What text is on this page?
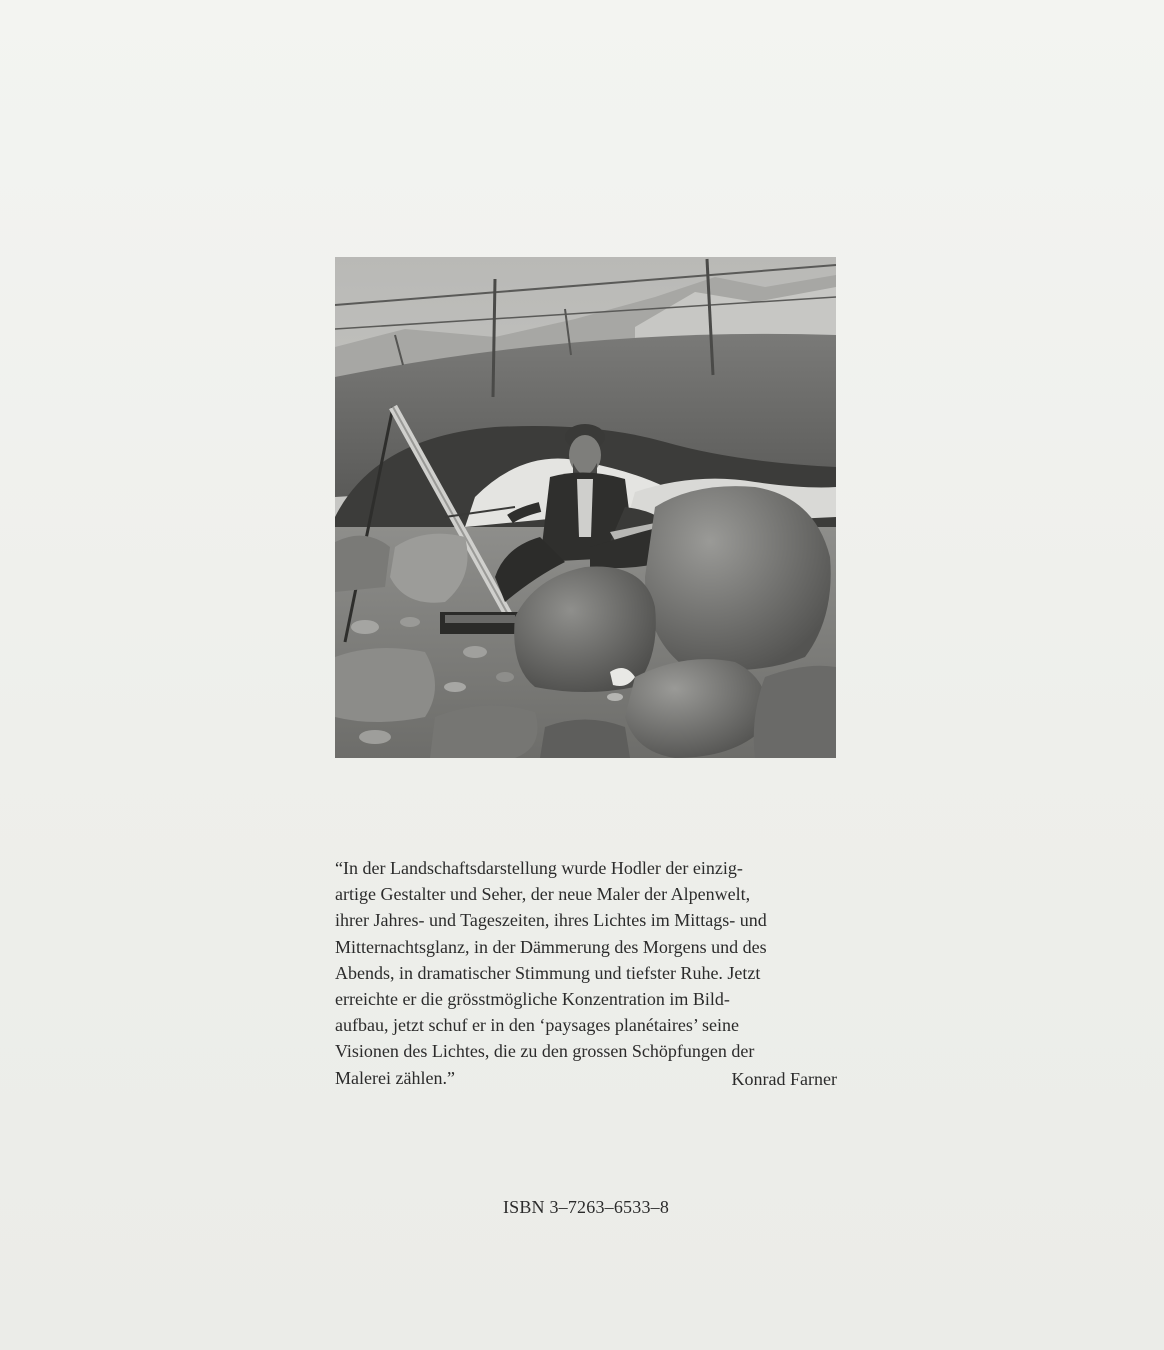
“In der Landschaftsdarstellung wurde Hodler der einzig-
artige Gestalter und Seher, der neue Maler der Alpenwelt,
ihrer Jahres- und Tageszeiten, ihres Lichtes im Mittags- und
Mitternachtsglanz, in der Dämmerung des Morgens und des
Abends, in dramatischer Stimmung und tiefster Ruhe. Jetzt
erreichte er die grösstmögliche Konzentration im Bild-
aufbau, jetzt schuf er in den ‘paysages planétaires’ seine
Visionen des Lichtes, die zu den grossen Schöpfungen der
Malerei zählen.”	Konrad Farner
ISBN 3–7263–6533–8
